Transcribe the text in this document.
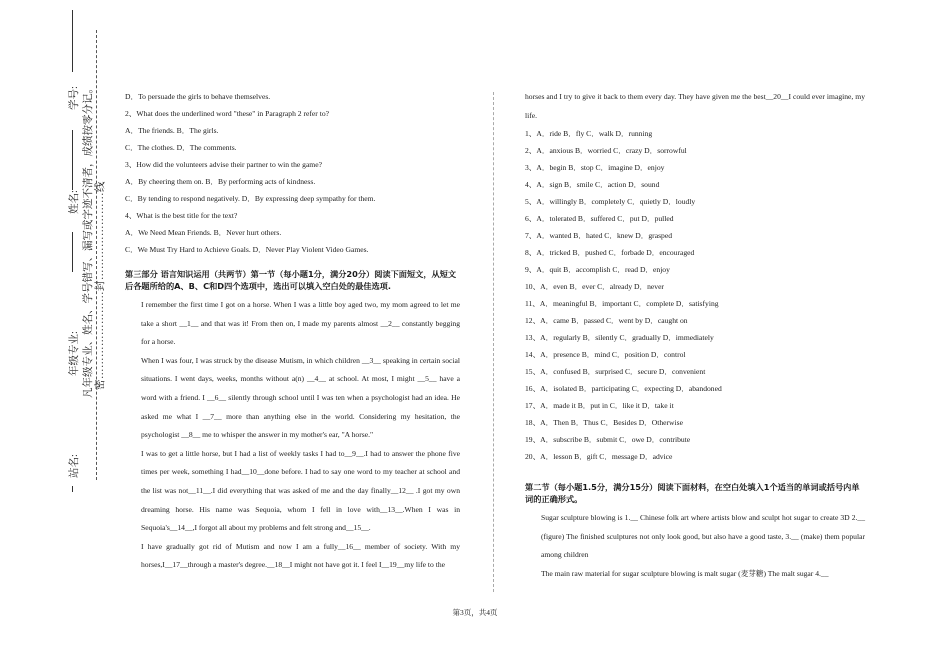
学号:
姓名:
年级专业:
站名:
凡年级专业、姓名、学号错写、漏写或字迹不清者，成绩按零分记。 密……………………封……………………线

D．To persuade the girls to behave themselves.

2、What does the underlined word "these" in Paragraph 2 refer to?

A．The friends. B．The girls.

C．The clothes. D．The comments.

3、How did the volunteers advise their partner to win the game?

A．By cheering them on. B．By performing acts of kindness.

C．By tending to respond negatively. D．By expressing deep sympathy for them.

4、What is the best title for the text?

A．We Need Mean Friends. B．Never hurt others.

C．We Must Try Hard to Achieve Goals. D．Never Play Violent Video Games.

第三部分 语言知识运用（共两节）第一节（每小题1分，满分20分）阅读下面短文，从短文后各题所给的A、B、C和D四个选项中，选出可以填入空白处的最佳选项.

I remember the first time I got on a horse. When I was a little boy aged two, my mom agreed to let me take a short __1__ and that was it! From then on, I made my parents almost __2__ constantly begging for a horse.

When I was four, I was struck by the disease Mutism, in which children __3__ speaking in certain social situations. I went days, weeks, months without a(n) __4__ at school. At most, I might __5__ have a word with a friend. I __6__ silently through school until I was ten when a psychologist had an idea. He asked me what I __7__ more than anything else in the world. Considering my hesitation, the psychologist __8__ me to whisper the answer in my mother's ear, "A horse."

I was to get a little horse, but I had a list of weekly tasks I had to__9__.I had to answer the phone five times per week, something I had__10__done before. I had to say one word to my teacher at school and the list was not__11__.I did everything that was asked of me and the day finally__12__ .I got my own dreaming horse. His name was Sequoia, whom I fell in love with__13__.When I was in Sequoia's__14__,I forgot all about my problems and felt strong and__15__.

I have gradually got rid of Mutism and now I am a fully__16__ member of society. With my horses,I__17__through a master's degree.__18__I might not have got it. I feel I__19__my life to the

horses and I try to give it back to them every day. They have given me the best__20__I could ever imagine, my life.

1、A．ride B．fly C．walk D．running

2、A．anxious B．worried C．crazy D．sorrowful

3、A．begin B．stop C．imagine D．enjoy

4、A．sign B．smile C．action D．sound

5、A．willingly B．completely C．quietly D．loudly

6、A．tolerated B．suffered C．put D．pulled

7、A．wanted B．hated C．knew D．grasped

8、A．tricked B．pushed C．forbade D．encouraged

9、A．quit B．accomplish C．read D．enjoy

10、A．even B．ever C．already D．never

11、A．meaningful B．important C．complete D．satisfying

12、A．came B．passed C．went by D．caught on

13、A．regularly B．silently C．gradually D．immediately

14、A．presence B．mind C．position D．control

15、A．confused B．surprised C．secure D．convenient

16、A．isolated B．participating C．expecting D．abandoned

17、A．made it B．put in C．like it D．take it

18、A．Then B．Thus C．Besides D．Otherwise

19、A．subscribe B．submit C．owe D．contribute

20、A．lesson B．gift C．message D．advice

第二节（每小题1.5分，满分15分）阅读下面材料，在空白处填入1个适当的单词或括号内单词的正确形式。

Sugar sculpture blowing is 1.__ Chinese folk art where artists blow and sculpt hot sugar to create 3D 2.__ (figure) The finished sculptures not only look good, but also have a good taste, 3.__ (make) them popular among children

The main raw material for sugar sculpture blowing is malt sugar (麦芽糖) The malt sugar 4.__

第3页，共4页
